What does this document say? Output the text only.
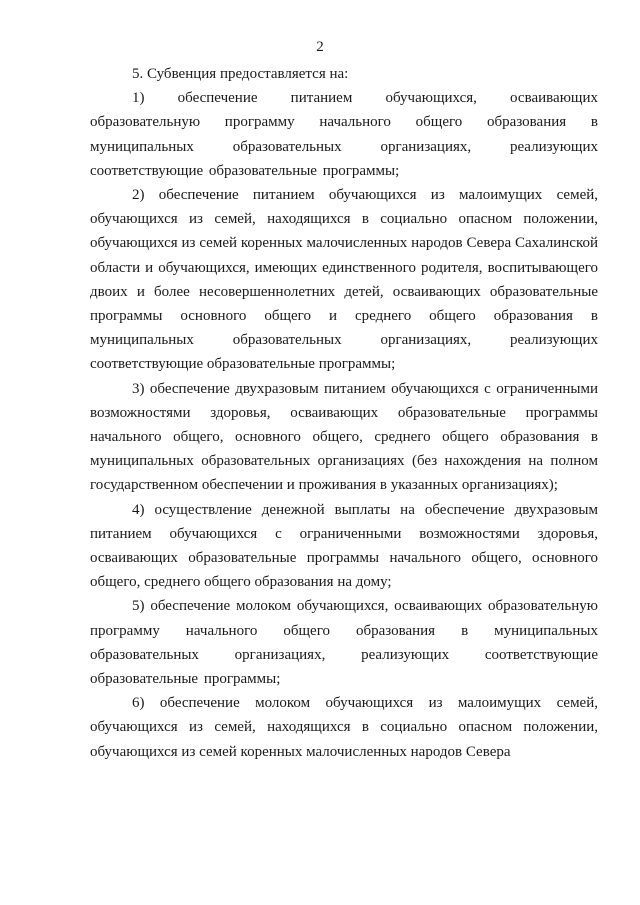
2

5. Субвенция предоставляется на:

1) обеспечение питанием обучающихся, осваивающих образовательную программу начального общего образования в муниципальных образовательных организациях, реализующих соответствующие образовательные программы;

2) обеспечение питанием обучающихся из малоимущих семей, обучающихся из семей, находящихся в социально опасном положении, обучающихся из семей коренных малочисленных народов Севера Сахалинской области и обучающихся, имеющих единственного родителя, воспитывающего двоих и более несовершеннолетних детей, осваивающих образовательные программы основного общего и среднего общего образования в муниципальных образовательных организациях, реализующих соответствующие образовательные программы;

3) обеспечение двухразовым питанием обучающихся с ограниченными возможностями здоровья, осваивающих образовательные программы начального общего, основного общего, среднего общего образования в муниципальных образовательных организациях (без нахождения на полном государственном обеспечении и проживания в указанных организациях);

4) осуществление денежной выплаты на обеспечение двухразовым питанием обучающихся с ограниченными возможностями здоровья, осваивающих образовательные программы начального общего, основного общего, среднего общего образования на дому;

5) обеспечение молоком обучающихся, осваивающих образовательную программу начального общего образования в муниципальных образовательных организациях, реализующих соответствующие образовательные программы;

6) обеспечение молоком обучающихся из малоимущих семей, обучающихся из семей, находящихся в социально опасном положении, обучающихся из семей коренных малочисленных народов Севера
